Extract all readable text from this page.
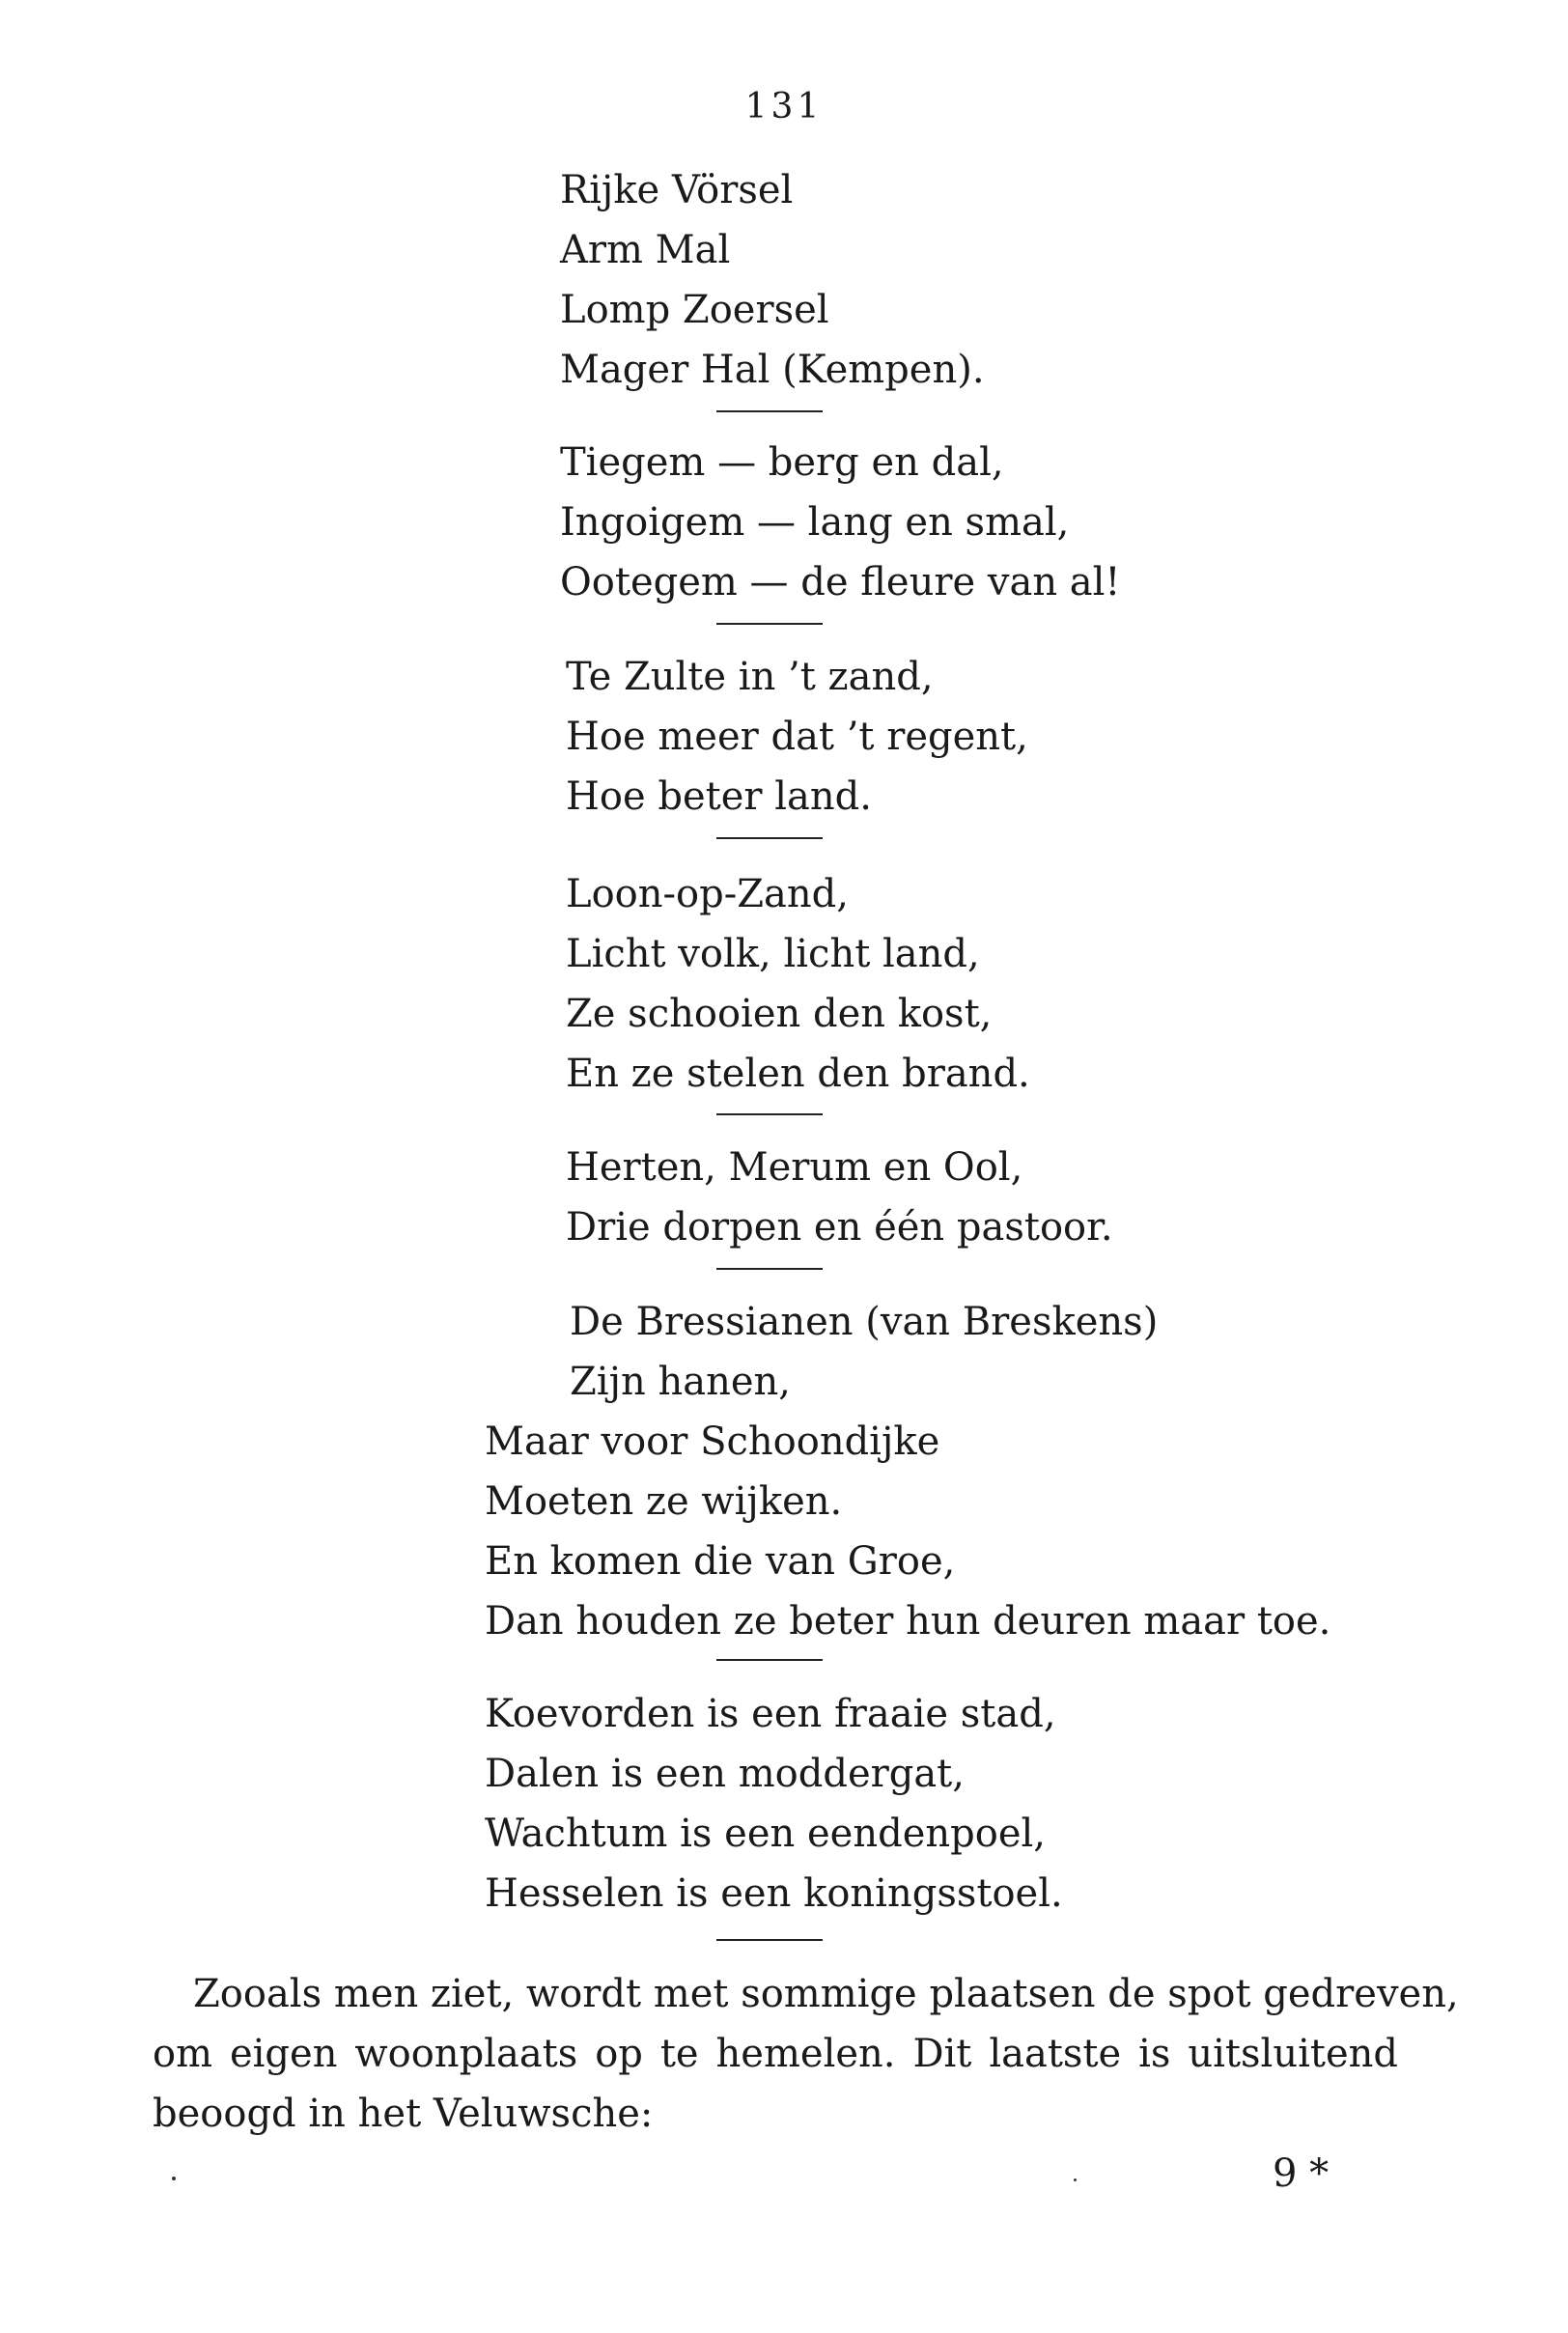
131
Rijke Vörsel
Arm Mal
Lomp Zoersel
Mager Hal (Kempen).
Tiegem — berg en dal,
Ingoigem — lang en smal,
Ootegem — de fleure van al!
Te Zulte in ’t zand,
Hoe meer dat ’t regent,
Hoe beter land.
Loon-op-Zand,
Licht volk, licht land,
Ze schooien den kost,
En ze stelen den brand.
Herten, Merum en Ool,
Drie dorpen en één pastoor.
De Bressianen (van Breskens)
Zijn hanen,
Maar voor Schoondijke
Moeten ze wijken.
En komen die van Groe,
Dan houden ze beter hun deuren maar toe.
Koevorden is een fraaie stad,
Dalen is een moddergat,
Wachtum is een eendenpoel,
Hesselen is een koningsstoel.
Zooals men ziet, wordt met sommige plaatsen de spot gedreven,
om eigen woonplaats op te hemelen. Dit laatste is uitsluitend
beoogd in het Veluwsche:
9 *
